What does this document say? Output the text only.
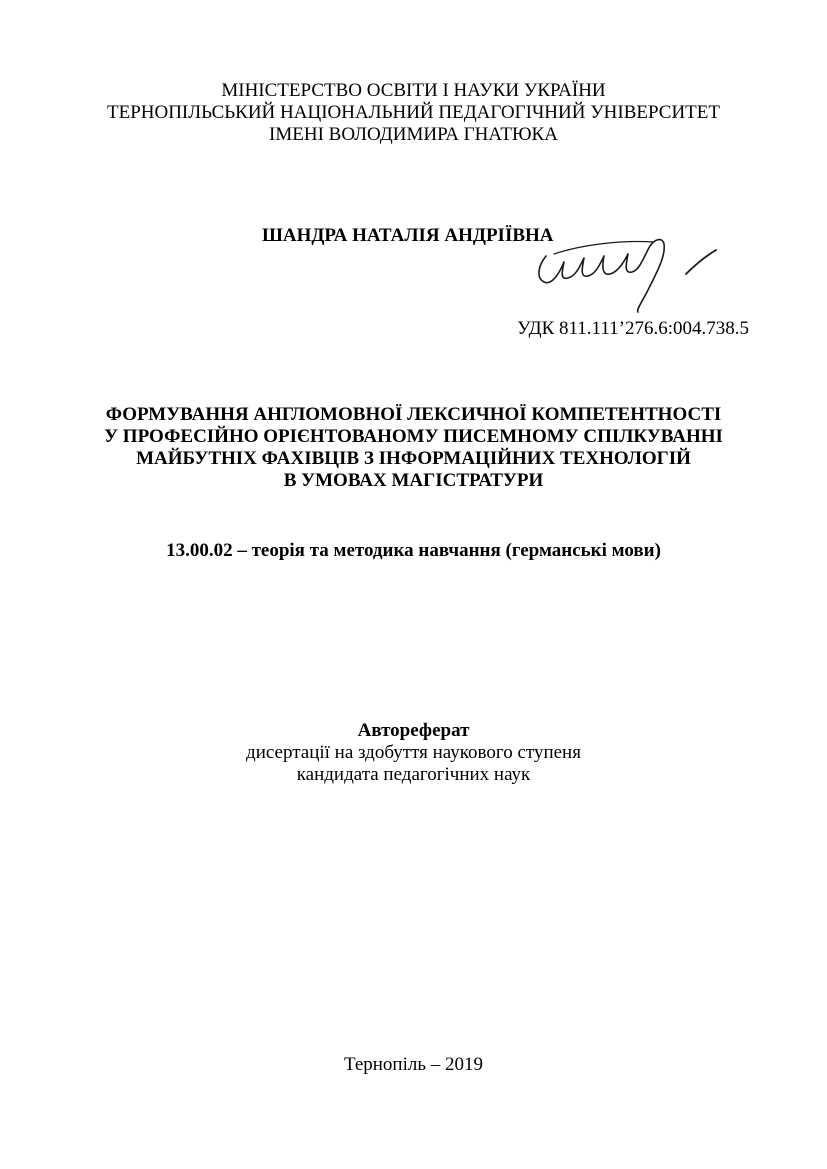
МІНІСТЕРСТВО ОСВІТИ І НАУКИ УКРАЇНИ
ТЕРНОПІЛЬСЬКИЙ НАЦІОНАЛЬНИЙ ПЕДАГОГІЧНИЙ УНІВЕРСИТЕТ
ІМЕНІ ВОЛОДИМИРА ГНАТЮКА
ШАНДРА НАТАЛІЯ АНДРІЇВНА
УДК 811.111’276.6:004.738.5
ФОРМУВАННЯ АНГЛОМОВНОЇ ЛЕКСИЧНОЇ КОМПЕТЕНТНОСТІ
У ПРОФЕСІЙНО ОРІЄНТОВАНОМУ ПИСЕМНОМУ СПІЛКУВАННІ
МАЙБУТНІХ ФАХІВЦІВ З ІНФОРМАЦІЙНИХ ТЕХНОЛОГІЙ
В УМОВАХ МАГІСТРАТУРИ
13.00.02 – теорія та методика навчання (германські мови)
Автореферат
дисертації на здобуття наукового ступеня
кандидата педагогічних наук
Тернопіль – 2019
